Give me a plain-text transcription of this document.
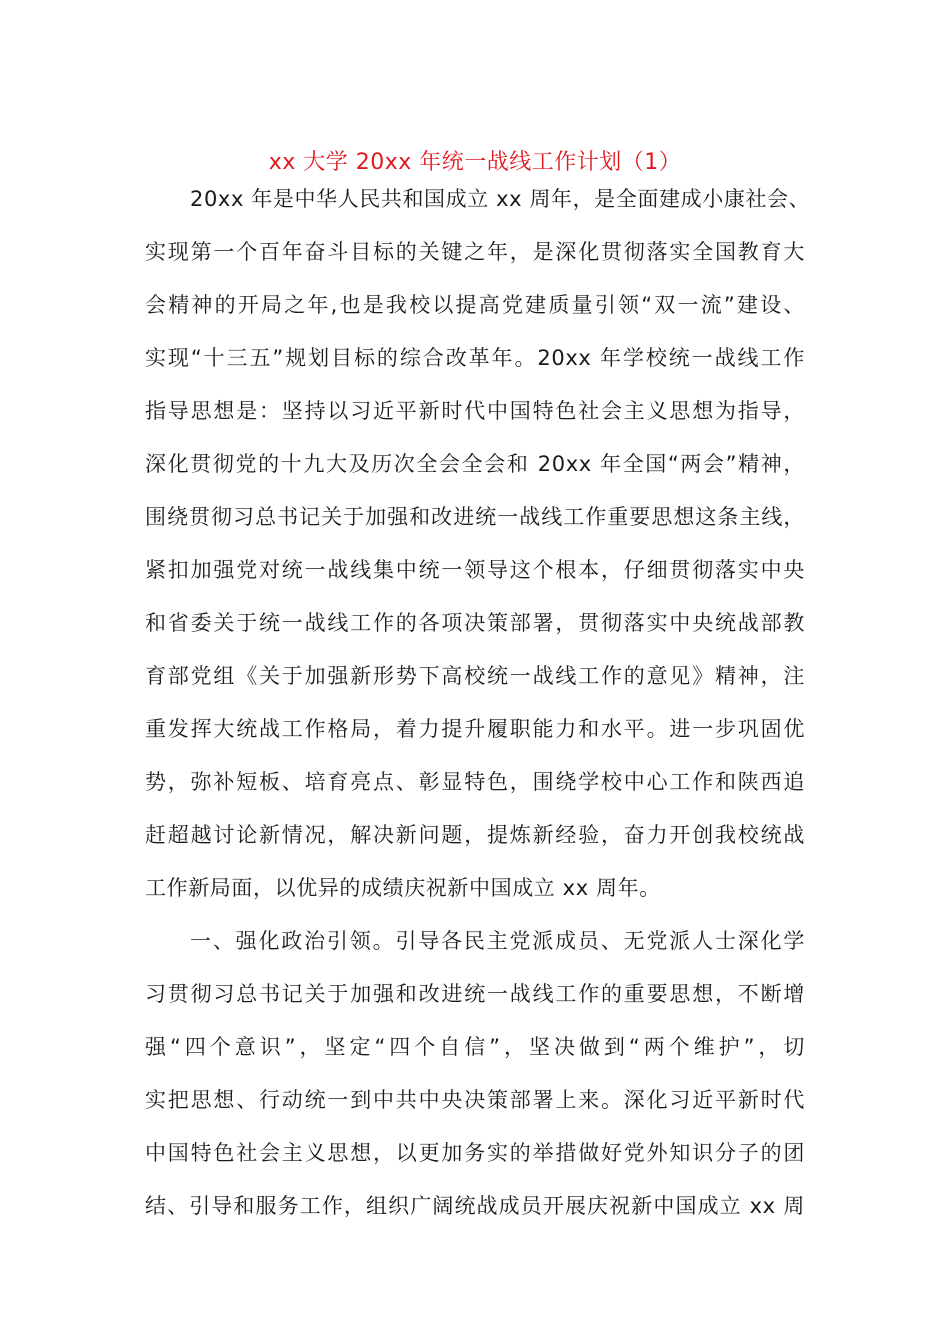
xx 大学 20xx 年统一战线工作计划（1）
20xx 年是中华人民共和国成立 xx 周年，是全面建成小康社会、
实现第一个百年奋斗目标的关键之年，是深化贯彻落实全国教育大
会精神的开局之年,也是我校以提高党建质量引领“双一流”建设、
实现“十三五”规划目标的综合改革年。20xx 年学校统一战线工作
指导思想是：坚持以习近平新时代中国特色社会主义思想为指导，
深化贯彻党的十九大及历次全会全会和 20xx 年全国“两会”精神，
围绕贯彻习总书记关于加强和改进统一战线工作重要思想这条主线，
紧扣加强党对统一战线集中统一领导这个根本，仔细贯彻落实中央
和省委关于统一战线工作的各项决策部署，贯彻落实中央统战部教
育部党组《关于加强新形势下高校统一战线工作的意见》精神，注
重发挥大统战工作格局，着力提升履职能力和水平。进一步巩固优
势，弥补短板、培育亮点、彰显特色，围绕学校中心工作和陕西追
赶超越讨论新情况，解决新问题，提炼新经验，奋力开创我校统战
工作新局面，以优异的成绩庆祝新中国成立 xx 周年。
一、强化政治引领。引导各民主党派成员、无党派人士深化学
习贯彻习总书记关于加强和改进统一战线工作的重要思想，不断增
强“四个意识”，坚定“四个自信”，坚决做到“两个维护”，切
实把思想、行动统一到中共中央决策部署上来。深化习近平新时代
中国特色社会主义思想，以更加务实的举措做好党外知识分子的团
结、引导和服务工作，组织广阔统战成员开展庆祝新中国成立 xx 周
